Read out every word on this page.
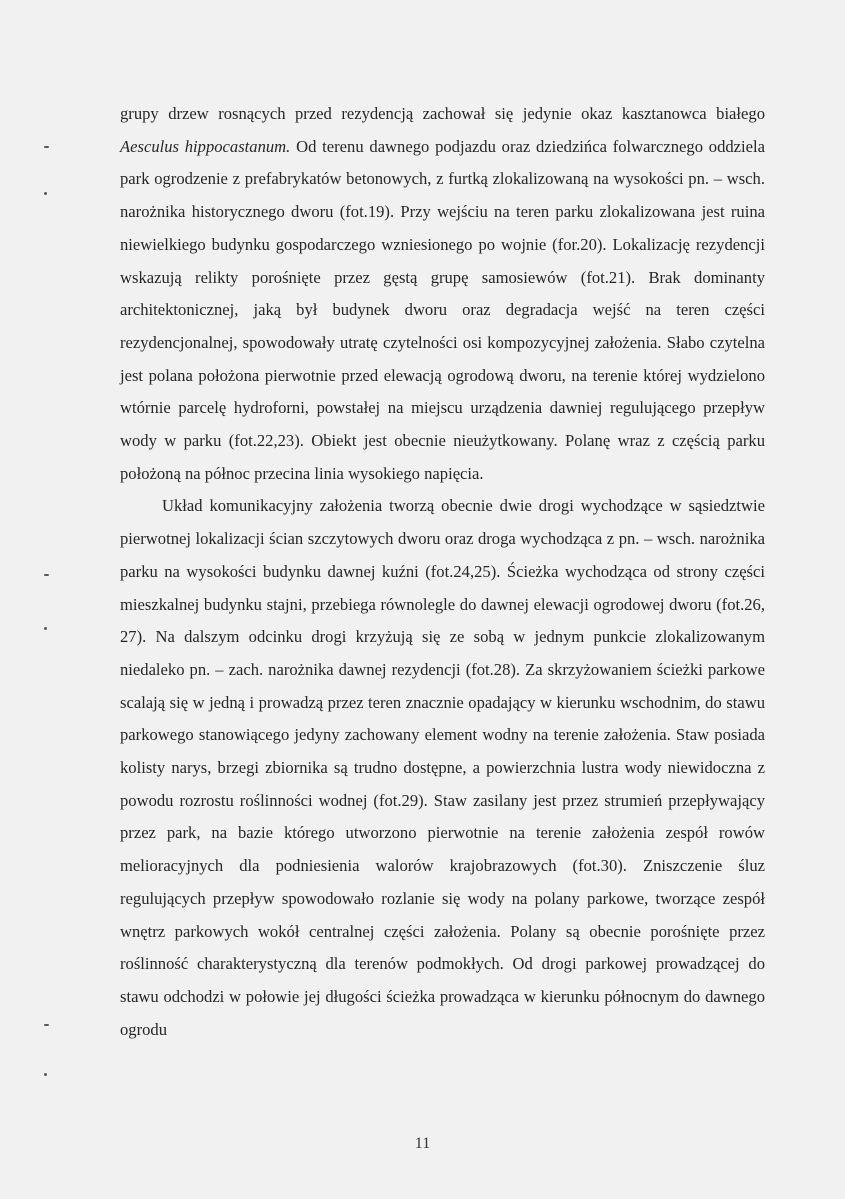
grupy drzew rosnących przed rezydencją zachował się jedynie okaz kasztanowca białego Aesculus hippocastanum. Od terenu dawnego podjazdu oraz dziedzińca folwarcznego oddziela park ogrodzenie z prefabrykatów betonowych, z furtką zlokalizowaną na wysokości pn. – wsch. narożnika historycznego dworu (fot.19). Przy wejściu na teren parku zlokalizowana jest ruina niewielkiego budynku gospodarczego wzniesionego po wojnie (for.20). Lokalizację rezydencji wskazują relikty porośnięte przez gęstą grupę samosiewów (fot.21). Brak dominanty architektonicznej, jaką był budynek dworu oraz degradacja wejść na teren części rezydencjonalnej, spowodowały utratę czytelności osi kompozycyjnej założenia. Słabo czytelna jest polana położona pierwotnie przed elewacją ogrodową dworu, na terenie której wydzielono wtórnie parcelę hydroforni, powstałej na miejscu urządzenia dawniej regulującego przepływ wody w parku (fot.22,23). Obiekt jest obecnie nieużytkowany. Polanę wraz z częścią parku położoną na północ przecina linia wysokiego napięcia.

Układ komunikacyjny założenia tworzą obecnie dwie drogi wychodzące w sąsiedztwie pierwotnej lokalizacji ścian szczytowych dworu oraz droga wychodząca z pn. – wsch. narożnika parku na wysokości budynku dawnej kuźni (fot.24,25). Ścieżka wychodząca od strony części mieszkalnej budynku stajni, przebiega równolegle do dawnej elewacji ogrodowej dworu (fot.26, 27). Na dalszym odcinku drogi krzyżują się ze sobą w jednym punkcie zlokalizowanym niedaleko pn. – zach. narożnika dawnej rezydencji (fot.28). Za skrzyżowaniem ścieżki parkowe scalają się w jedną i prowadzą przez teren znacznie opadający w kierunku wschodnim, do stawu parkowego stanowiącego jedyny zachowany element wodny na terenie założenia. Staw posiada kolisty narys, brzegi zbiornika są trudno dostępne, a powierzchnia lustra wody niewidoczna z powodu rozrostu roślinności wodnej (fot.29). Staw zasilany jest przez strumień przepływający przez park, na bazie którego utworzono pierwotnie na terenie założenia zespół rowów melioracyjnych dla podniesienia walorów krajobrazowych (fot.30). Zniszczenie śluz regulujących przepływ spowodowało rozlanie się wody na polany parkowe, tworzące zespół wnętrz parkowych wokół centralnej części założenia. Polany są obecnie porośnięte przez roślinność charakterystyczną dla terenów podmokłych. Od drogi parkowej prowadzącej do stawu odchodzi w połowie jej długości ścieżka prowadząca w kierunku północnym do dawnego ogrodu

11
